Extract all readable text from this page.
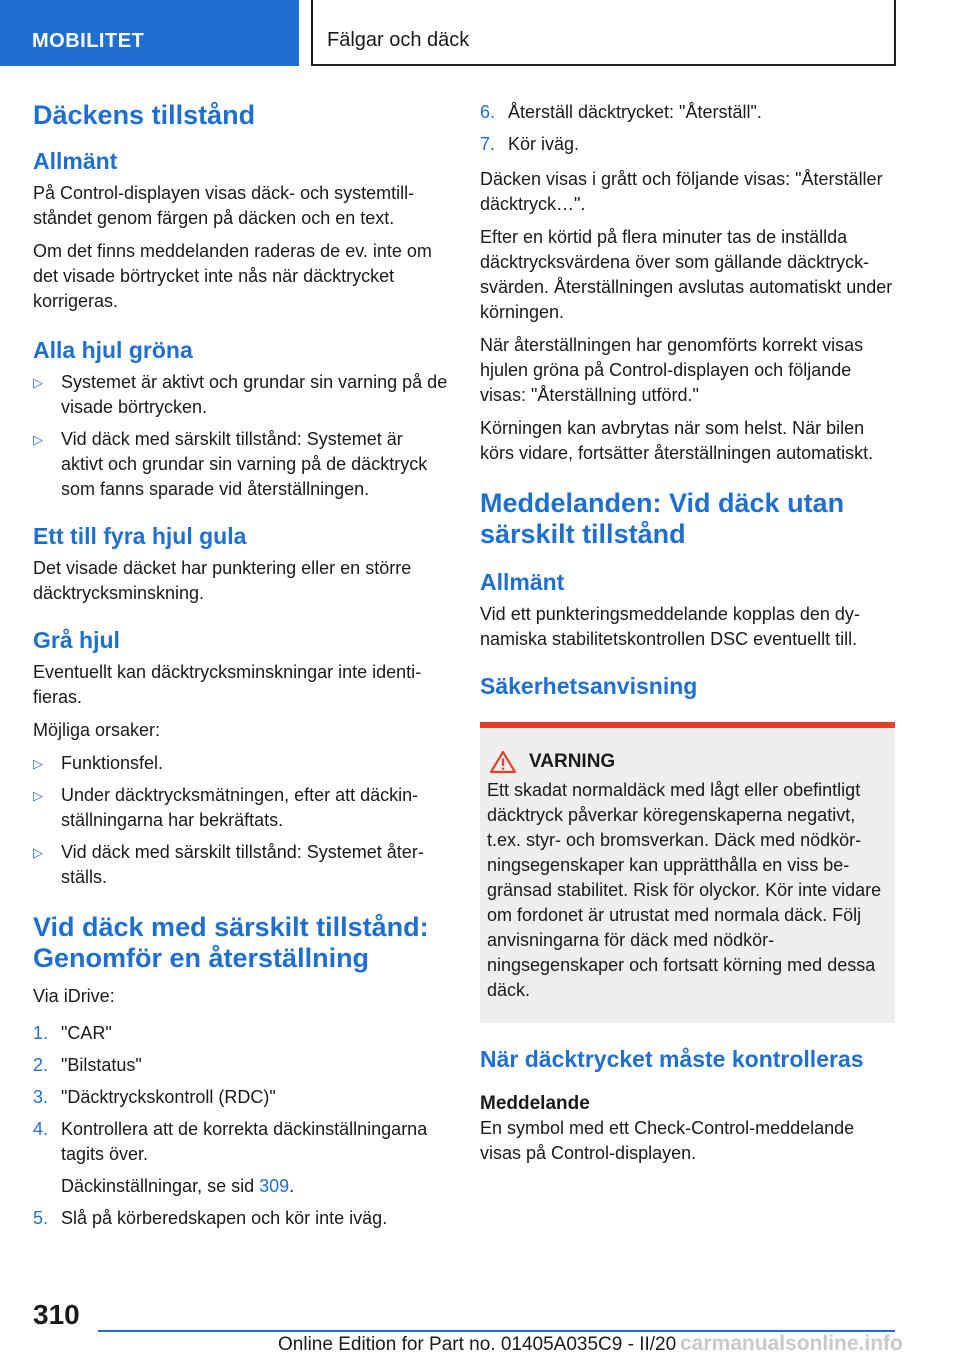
MOBILITET	Fälgar och däck
Däckens tillstånd
Allmänt

På Control-displayen visas däck- och systemtillståndet genom färgen på däcken och en text.

Om det finns meddelanden raderas de ev. inte om det visade börtrycket inte nås när däcktrycket korrigeras.

Alla hjul gröna
▷ Systemet är aktivt och grundar sin varning på de visade börtrycken.
▷ Vid däck med särskilt tillstånd: Systemet är aktivt och grundar sin varning på de däcktryck som fanns sparade vid återställningen.
Ett till fyra hjul gula

Det visade däcket har punktering eller en större däcktrycksminskning.

Grå hjul

Eventuellt kan däcktrycksminskningar inte identifieras.

Möjliga orsaker:

▷ Funktionsfel.
▷ Under däcktrycksmätningen, efter att däckinställningarna har bekräftats.
▷ Vid däck med särskilt tillstånd: Systemet återställs.
Vid däck med särskilt tillstånd: Genomför en återställning

Via iDrive:

1. "CAR"
2. "Bilstatus"
3. "Däcktryckskontroll (RDC)"
4. Kontrollera att de korrekta däckinställningarna tagits över.
Däckinställningar, se sid 309.
5. Slå på körberedskapen och kör inte iväg.
6. Återställ däcktrycket: "Återställ".
7. Kör iväg.

Däcken visas i grått och följande visas: "Återställer däcktryck…".

Efter en körtid på flera minuter tas de inställda däcktrycksvärdena över som gällande däcktrycksvärden. Återställningen avslutas automatiskt under körningen.

När återställningen har genomförts korrekt visas hjulen gröna på Control-displayen och följande visas: "Återställning utförd."

Körningen kan avbrytas när som helst. När bilen körs vidare, fortsätter återställningen automatiskt.

Meddelanden: Vid däck utan särskilt tillstånd
Allmänt

Vid ett punkteringsmeddelande kopplas den dynamiska stabilitetskontrollen DSC eventuellt till.

Säkerhetsanvisning
VARNING

Ett skadat normaldäck med lågt eller obefintligt däcktryck påverkar köregenskaperna negativt, t.ex. styr- och bromsverkan. Däck med nödkörningsegenskaper kan upprätthålla en viss begränsad stabilitet. Risk för olyckor. Kör inte vidare om fordonet är utrustat med normala däck. Följ anvisningarna för däck med nödkörningsegenskaper och fortsatt körning med dessa däck.

När däcktrycket måste kontrolleras
Meddelande

En symbol med ett Check-Control-meddelande visas på Control-displayen.

310
Online Edition for Part no. 01405A035C9 - II/20 carmanualsonline.info
